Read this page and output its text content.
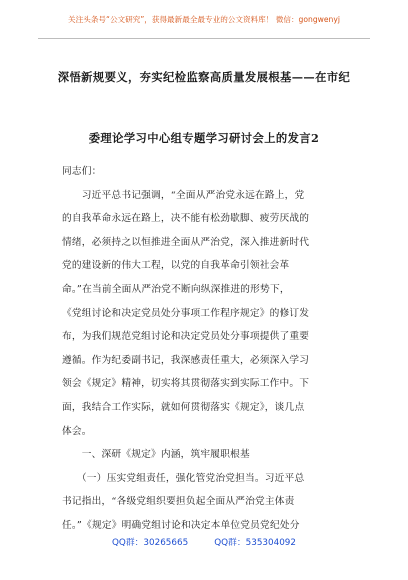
关注头条号“公文研究”，获得最新最全最专业的公文资料库！ 微信：gongwenyj
深悟新规要义，夯实纪检监察高质量发展根基——在市纪
委理论学习中心组专题学习研讨会上的发言2
同志们：
　　习近平总书记强调，“全面从严治党永远在路上，党
的自我革命永远在路上，决不能有松劲歇脚、疲劳厌战的
情绪，必须持之以恒推进全面从严治党，深入推进新时代
党的建设新的伟大工程，以党的自我革命引领社会革
命。”在当前全面从严治党不断向纵深推进的形势下，
《党组讨论和决定党员处分事项工作程序规定》的修订发
布，为我们规范党组讨论和决定党员处分事项提供了重要
遵循。作为纪委副书记，我深感责任重大，必须深入学习
领会《规定》精神，切实将其贯彻落实到实际工作中。下
面，我结合工作实际，就如何贯彻落实《规定》，谈几点
体会。
　　一、深研《规定》内涵，筑牢履职根基
　　（一）压实党组责任，强化管党治党担当。习近平总
书记指出，“各级党组织要担负起全面从严治党主体责
任。”《规定》明确党组讨论和决定本单位党员党纪处分
QQ群：30265665	QQ群：535304092
